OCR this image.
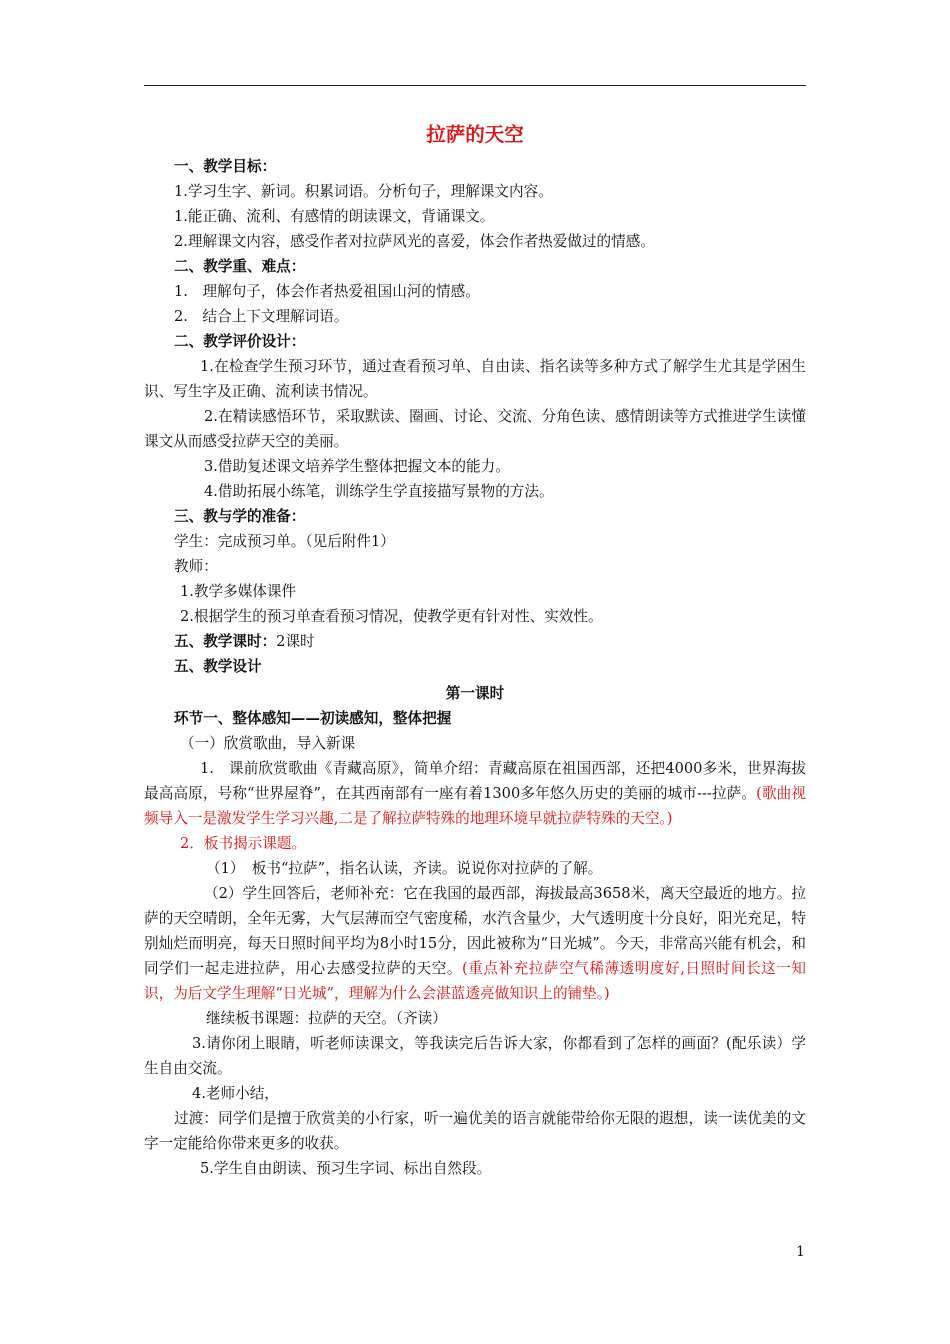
拉萨的天空

一、教学目标：

1.学习生字、新词。积累词语。分析句子，理解课文内容。

1.能正确、流利、有感情的朗读课文，背诵课文。

2.理解课文内容，感受作者对拉萨风光的喜爱，体会作者热爱做过的情感。

二、教学重、难点：

1.　理解句子，体会作者热爱祖国山河的情感。

2.　结合上下文理解词语。

二、教学评价设计：

1.在检查学生预习环节，通过查看预习单、自由读、指名读等多种方式了解学生尤其是学困生识、写生字及正确、流利读书情况。

2.在精读感悟环节，采取默读、圈画、讨论、交流、分角色读、感情朗读等方式推进学生读懂课文从而感受拉萨天空的美丽。

3.借助复述课文培养学生整体把握文本的能力。

4.借助拓展小练笔，训练学生学直接描写景物的方法。

三、教与学的准备：

学生：完成预习单。（见后附件1）

教师：

1.教学多媒体课件

2.根据学生的预习单查看预习情况，使教学更有针对性、实效性。

五、教学课时：2课时

五、教学设计

第一课时

环节一、整体感知——初读感知，整体把握

（一）欣赏歌曲，导入新课

1.　课前欣赏歌曲《青藏高原》，简单介绍：青藏高原在祖国西部，还把4000多米，世界海拔最高高原，号称“世界屋脊”，在其西南部有一座有着1300多年悠久历史的美丽的城市---拉萨。(歌曲视频导入一是激发学生学习兴趣,二是了解拉萨特殊的地理环境早就拉萨特殊的天空。)

2．板书揭示课题。

（1）　板书“拉萨”，指名认读，齐读。说说你对拉萨的了解。

（2）学生回答后，老师补充：它在我国的最西部，海拔最高3658米，离天空最近的地方。拉萨的天空晴朗，全年无雾，大气层薄而空气密度稀，水汽含量少，大气透明度十分良好，阳光充足，特别灿烂而明亮，每天日照时间平均为8小时15分，因此被称为“日光城”。今天，非常高兴能有机会，和同学们一起走进拉萨，用心去感受拉萨的天空。(重点补充拉萨空气稀薄透明度好,日照时间长这一知识，为后文学生理解“日光城”，理解为什么会湛蓝透亮做知识上的铺垫。)

继续板书课题：拉萨的天空。（齐读）

3.请你闭上眼睛，听老师读课文，等我读完后告诉大家，你都看到了怎样的画面？(配乐读）学生自由交流。

4.老师小结，

过渡：同学们是擅于欣赏美的小行家，听一遍优美的语言就能带给你无限的遐想，读一读优美的文字一定能给你带来更多的收获。

5.学生自由朗读、预习生字词、标出自然段。

1
